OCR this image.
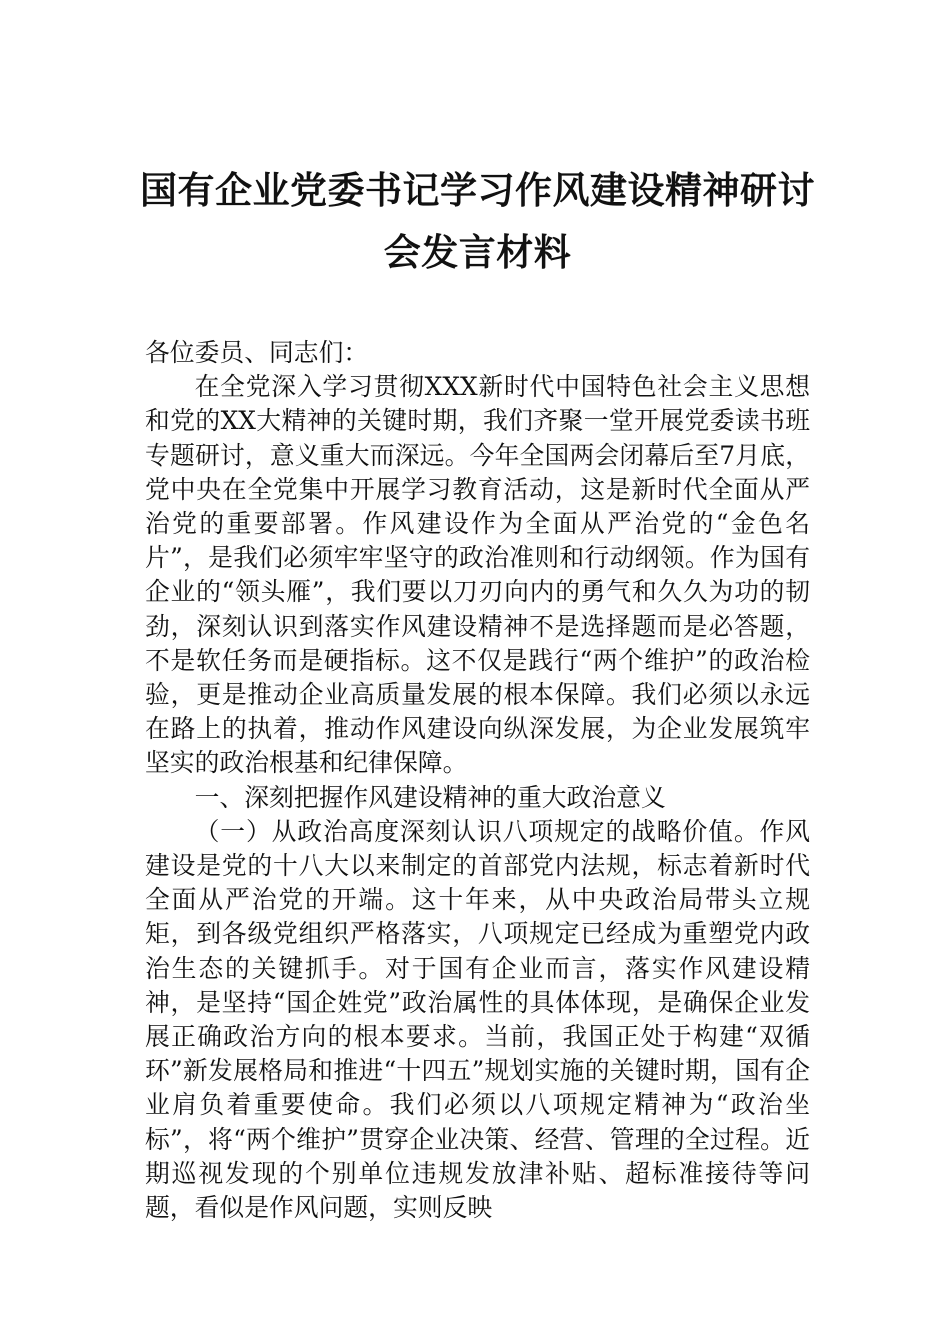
国有企业党委书记学习作风建设精神研讨
会发言材料

各位委员、同志们：

在全党深入学习贯彻XXX新时代中国特色社会主义思想和党的XX大精神的关键时期，我们齐聚一堂开展党委读书班专题研讨，意义重大而深远。今年全国两会闭幕后至7月底，党中央在全党集中开展学习教育活动，这是新时代全面从严治党的重要部署。作风建设作为全面从严治党的“金色名片”，是我们必须牢牢坚守的政治准则和行动纲领。作为国有企业的“领头雁”，我们要以刀刃向内的勇气和久久为功的韧劲，深刻认识到落实作风建设精神不是选择题而是必答题，不是软任务而是硬指标。这不仅是践行“两个维护”的政治检验，更是推动企业高质量发展的根本保障。我们必须以永远在路上的执着，推动作风建设向纵深发展，为企业发展筑牢坚实的政治根基和纪律保障。

一、深刻把握作风建设精神的重大政治意义

（一）从政治高度深刻认识八项规定的战略价值。作风建设是党的十八大以来制定的首部党内法规，标志着新时代全面从严治党的开端。这十年来，从中央政治局带头立规矩，到各级党组织严格落实，八项规定已经成为重塑党内政治生态的关键抓手。对于国有企业而言，落实作风建设精神，是坚持“国企姓党”政治属性的具体体现，是确保企业发展正确政治方向的根本要求。当前，我国正处于构建“双循环”新发展格局和推进“十四五”规划实施的关键时期，国有企业肩负着重要使命。我们必须以八项规定精神为“政治坐标”，将“两个维护”贯穿企业决策、经营、管理的全过程。近期巡视发现的个别单位违规发放津补贴、超标准接待等问题，看似是作风问题，实则反映
